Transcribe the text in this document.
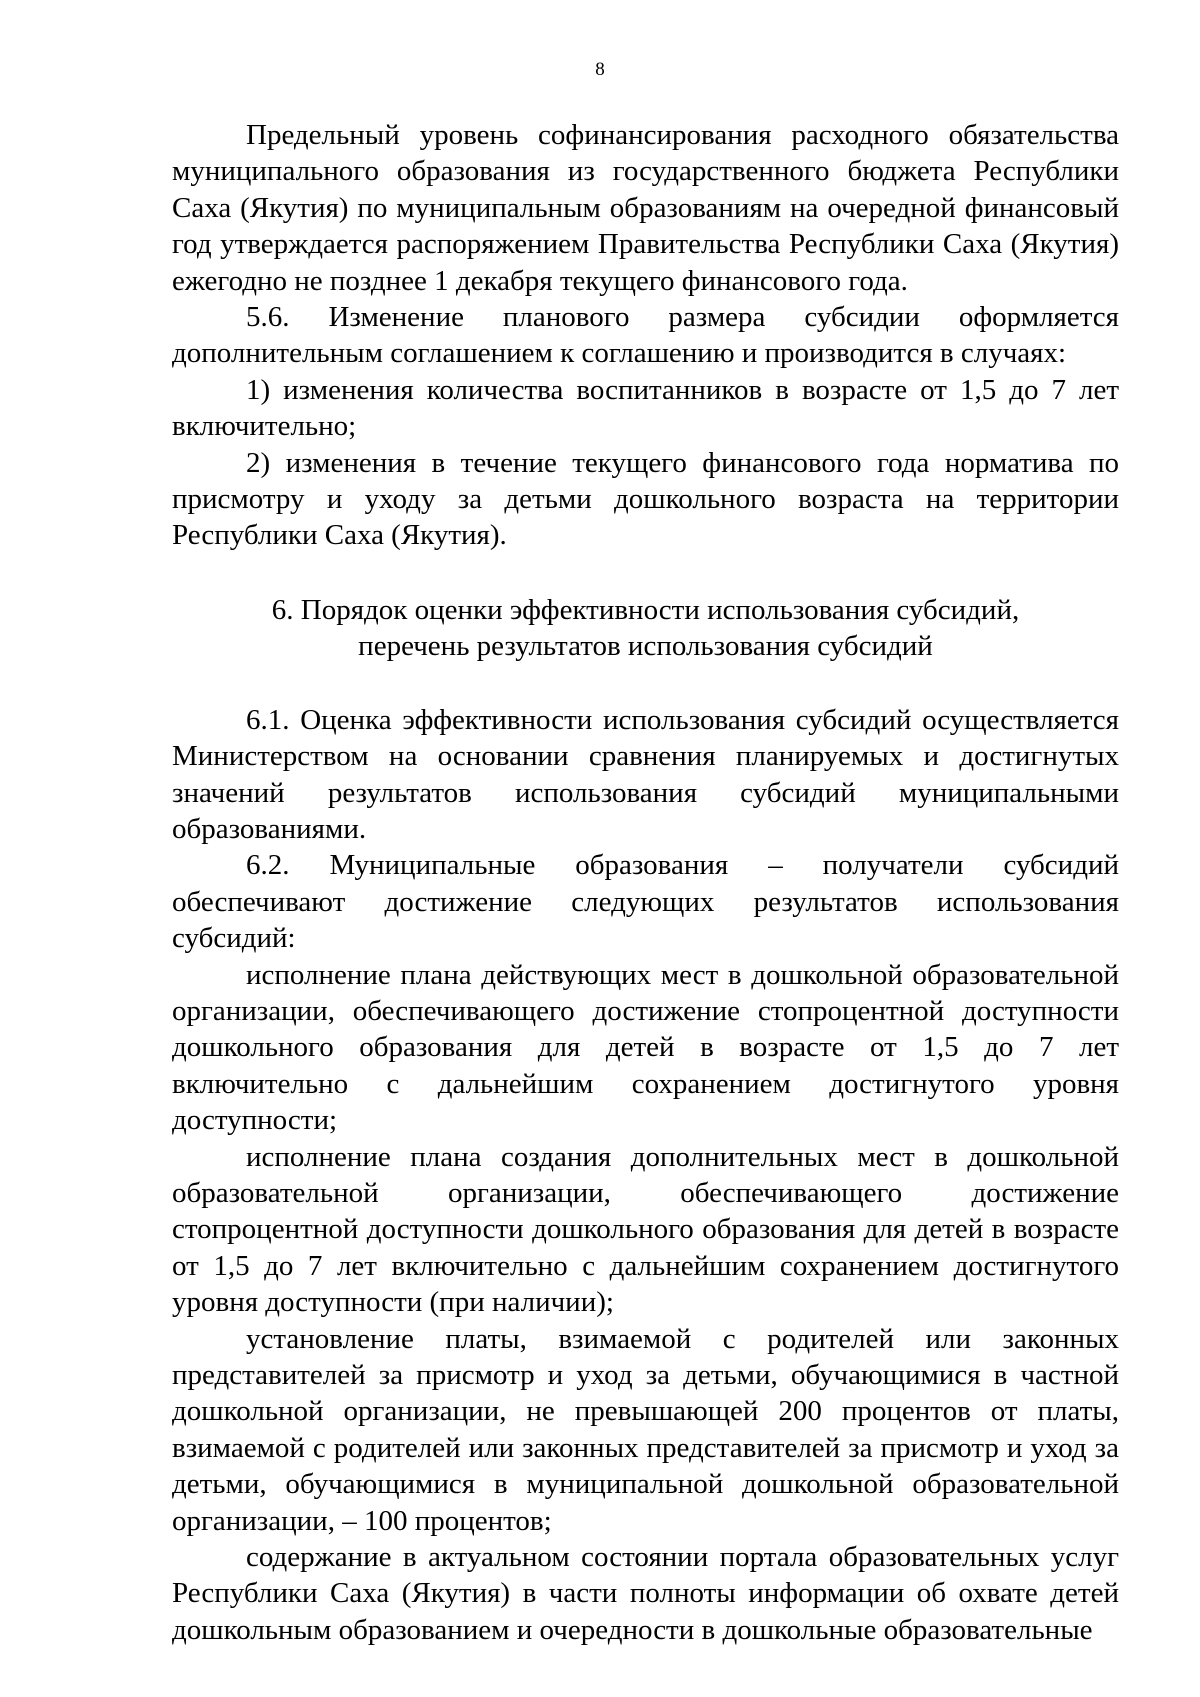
8

Предельный уровень софинансирования расходного обязательства муниципального образования из государственного бюджета Республики Саха (Якутия) по муниципальным образованиям на очередной финансовый год утверждается распоряжением Правительства Республики Саха (Якутия) ежегодно не позднее 1 декабря текущего финансового года.

5.6. Изменение планового размера субсидии оформляется дополнительным соглашением к соглашению и производится в случаях:

1) изменения количества воспитанников в возрасте от 1,5 до 7 лет включительно;

2) изменения в течение текущего финансового года норматива по присмотру и уходу за детьми дошкольного возраста на территории Республики Саха (Якутия).

6. Порядок оценки эффективности использования субсидий,
перечень результатов использования субсидий

6.1. Оценка эффективности использования субсидий осуществляется Министерством на основании сравнения планируемых и достигнутых значений результатов использования субсидий муниципальными образованиями.

6.2. Муниципальные образования – получатели субсидий обеспечивают достижение следующих результатов использования субсидий:

исполнение плана действующих мест в дошкольной образовательной организации, обеспечивающего достижение стопроцентной доступности дошкольного образования для детей в возрасте от 1,5 до 7 лет включительно с дальнейшим сохранением достигнутого уровня доступности;

исполнение плана создания дополнительных мест в дошкольной образовательной организации, обеспечивающего достижение стопроцентной доступности дошкольного образования для детей в возрасте от 1,5 до 7 лет включительно с дальнейшим сохранением достигнутого уровня доступности (при наличии);

установление платы, взимаемой с родителей или законных представителей за присмотр и уход за детьми, обучающимися в частной дошкольной организации, не превышающей 200 процентов от платы, взимаемой с родителей или законных представителей за присмотр и уход за детьми, обучающимися в муниципальной дошкольной образовательной организации, – 100 процентов;

содержание в актуальном состоянии портала образовательных услуг Республики Саха (Якутия) в части полноты информации об охвате детей дошкольным образованием и очередности в дошкольные образовательные
